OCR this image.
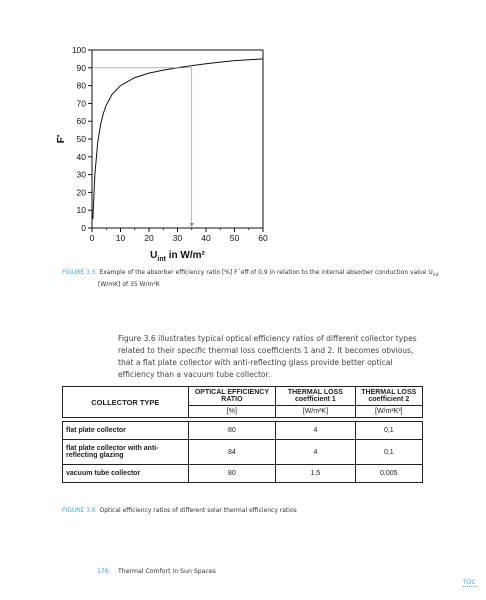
0
10
20
30
40
50
60
70
80
90
100
0	10 20 30 40 50 60
F'
$U_{int}$ in W/m²
FIGURE 3.5 Example of the absorber efficiency ratio [%] F´eff of 0,9 in relation to the internal absorber conduction value $U_{int}$
[W/mK] of 35 W/m²K
Figure 3.6 illustrates typical optical efficiency ratios of different collector types related to their specific thermal loss coefficients 1 and 2. It becomes obvious, that a flat plate collector with anti-reflecting glass provide better optical efficiency than a vacuum tube collector.
COLLECTOR TYPE	OPTICAL EFFICIENCY RATIO	THERMAL LOSS coefficient 1	THERMAL LOSS coefficient 2
	[%]	[W/m²K]	[W/m²K²]

flat plate collector	80	4	0,1
flat plate collector with anti-reflecting glazing	84	4	0,1
vacuum tube collector	80	1,5	0,005
FIGURE 3.6 Optical efficiency ratios of different solar thermal efficiency ratios
176 Thermal Comfort in Sun Spaces
TOC
